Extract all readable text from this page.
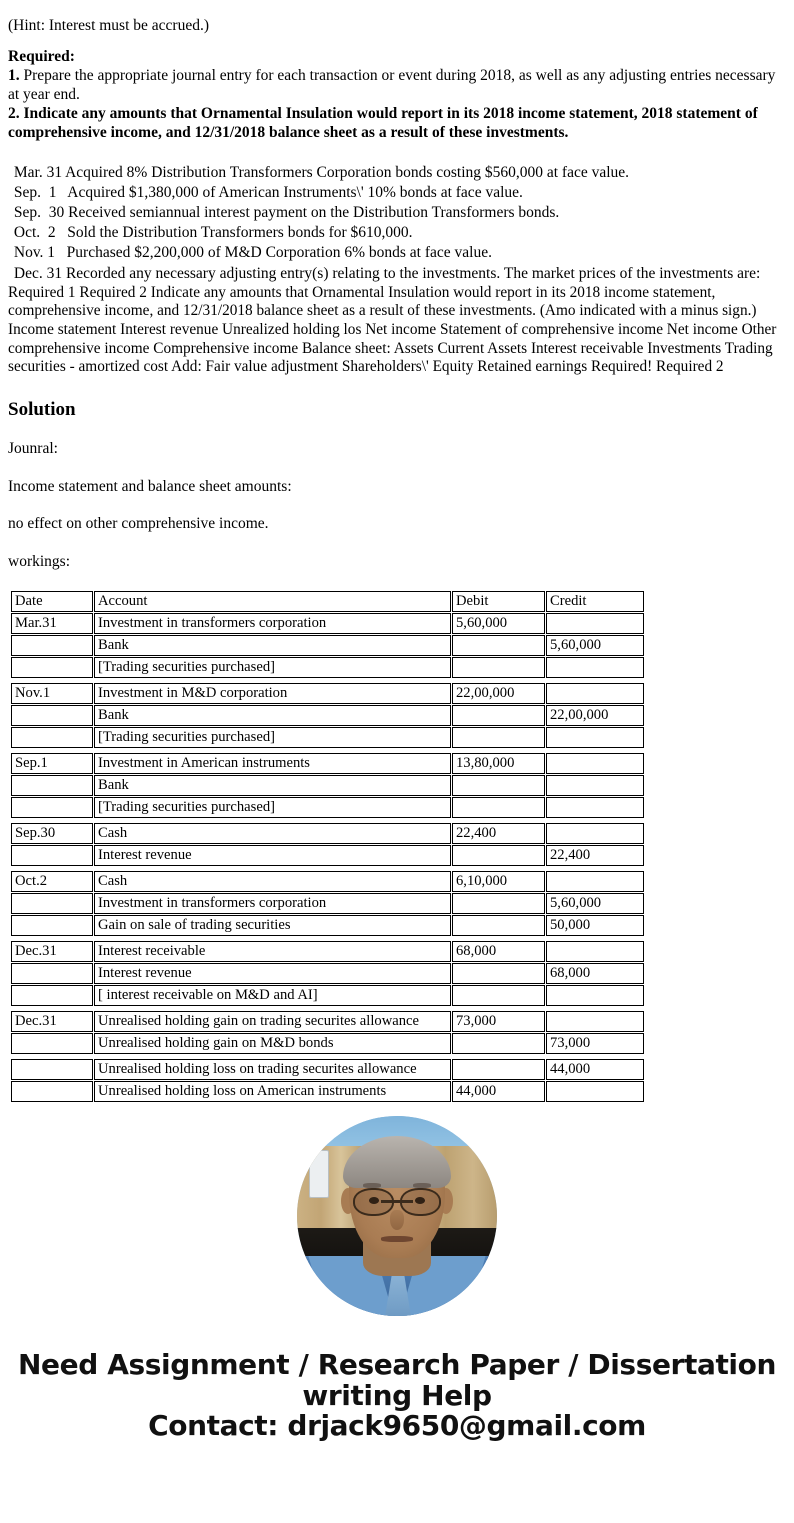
(Hint: Interest must be accrued.)
Required:
1. Prepare the appropriate journal entry for each transaction or event during 2018, as well as any adjusting entries necessary at year end.
2. Indicate any amounts that Ornamental Insulation would report in its 2018 income statement, 2018 statement of comprehensive income, and 12/31/2018 balance sheet as a result of these investments.
Mar. 31 Acquired 8% Distribution Transformers Corporation bonds costing $560,000 at face value.
Sep.  1   Acquired $1,380,000 of American Instruments\' 10% bonds at face value.
Sep.  30 Received semiannual interest payment on the Distribution Transformers bonds.
Oct.  2   Sold the Distribution Transformers bonds for $610,000.
Nov. 1   Purchased $2,200,000 of M&D Corporation 6% bonds at face value.
Dec. 31 Recorded any necessary adjusting entry(s) relating to the investments. The market prices of the investments are:
Required 1 Required 2 Indicate any amounts that Ornamental Insulation would report in its 2018 income statement, comprehensive income, and 12/31/2018 balance sheet as a result of these investments. (Amo indicated with a minus sign.) Income statement Interest revenue Unrealized holding los Net income Statement of comprehensive income Net income Other comprehensive income Comprehensive income Balance sheet: Assets Current Assets Interest receivable Investments Trading securities - amortized cost Add: Fair value adjustment Shareholders\' Equity Retained earnings Required! Required 2
Solution
Jounral:
Income statement and balance sheet amounts:
no effect on other comprehensive income.
workings:
Date	Account	Debit	Credit
Mar.31	Investment in transformers corporation	5,60,000	
	Bank		5,60,000
	[Trading securities purchased]		

Nov.1	Investment in M&D corporation	22,00,000	
	Bank		22,00,000
	[Trading securities purchased]		

Sep.1	Investment in American instruments	13,80,000	
	Bank		
	[Trading securities purchased]		

Sep.30	Cash	22,400	
	Interest revenue		22,400

Oct.2	Cash	6,10,000	
	Investment in transformers corporation		5,60,000
	Gain on sale of trading securities		50,000

Dec.31	Interest receivable	68,000	
	Interest revenue		68,000
	[ interest receivable on M&D and AI]		

Dec.31	Unrealised holding gain on trading securites allowance	73,000	
	Unrealised holding gain on M&D bonds		73,000

	Unrealised holding loss on trading securites allowance		44,000
	Unrealised holding loss on American instruments	44,000	
Need Assignment / Research Paper / Dissertation
writing Help
Contact: drjack9650@gmail.com
